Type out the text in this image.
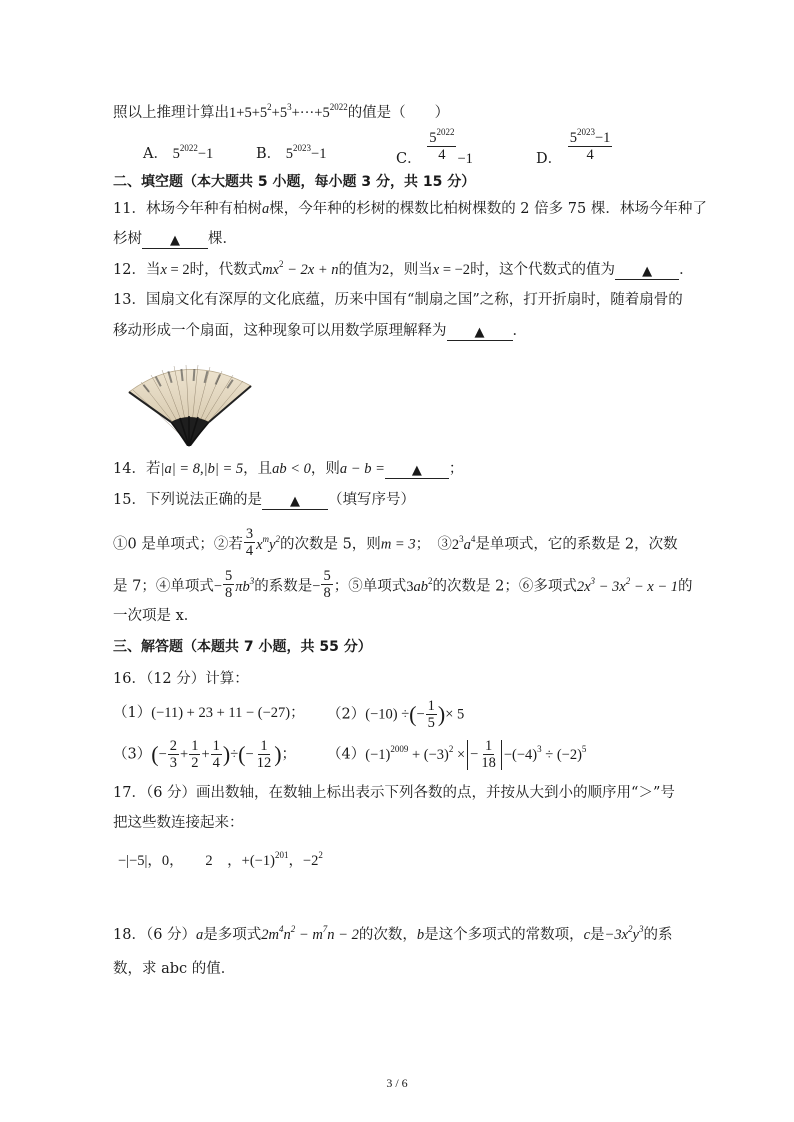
照以上推理计算出$1+5+5^2+5^3+\cdot\cdot\cdot+5^{2022}$的值是（　　）
A． $5^{2022}-1$	B． $5^{2023}-1$	C． $\frac{5^{2022}}{4} -1$	D． $\frac{5^{2023}-1}{4}$
二、填空题（本大题共 5 小题，每小题 3 分，共 15 分）
11．林场今年种有柏树a棵，今年种的杉树的棵数比柏树棵数的 2 倍多 75 棵．林场今年种了
杉树 ▲ 棵．
12．当x = 2时，代数式$mx^2 - 2x + n$的值为2，则当x = −2时，这个代数式的值为 ▲ ．
13．国扇文化有深厚的文化底蕴，历来中国有“制扇之国”之称，打开折扇时，随着扇骨的
移动形成一个扇面，这种现象可以用数学原理解释为 ▲ ．
14．若|a| = 8,|b| = 5，且ab < 0，则a − b = ▲ ；
15．下列说法正确的是 ▲ （填写序号）
①0 是单项式；②若 $\frac{3}{4} x^my^2$的次数是 5，则m = 3；　$③2^3a^4$是单项式，它的系数是 2，次数
是 7；④单项式− $\frac{5}{8} \pi b^3$的系数是− $\frac{5}{8}$ ；⑤单项式$3ab^2$的次数是 2；⑥多项式$2x^3 - 3x^2 - x - 1$的
一次项是 x．
三、解答题（本题共 7 小题，共 55 分）
16．（12 分）计算：
（1）(−11) + 23 + 11 − (−27)； （2）(−10) ÷(− $\frac{1}{5}$ )× 5
$(3)(- \frac{2}{3} + \frac{1}{2} + \frac{1}{4}$ )÷(− $\frac{1}{12}$ )； $(4)(-1)^{2009} + (-3)^2$ × − $\frac{1}{18} -(-4)^3 \div (-2)^5$
17．（6 分）画出数轴，在数轴上标出表示下列各数的点，并按从大到小的顺序用“＞”号
把这些数连接起来：
−|−5|，0，　　2　，$+(-1)^{201}$，$-2^2$
18．（6 分）a是多项式$2m^4n^2 - m^7n - 2$的次数，b是这个多项式的常数项，c是$-3x^2y^3$的系
数，求 abc 的值．
3 / 6
